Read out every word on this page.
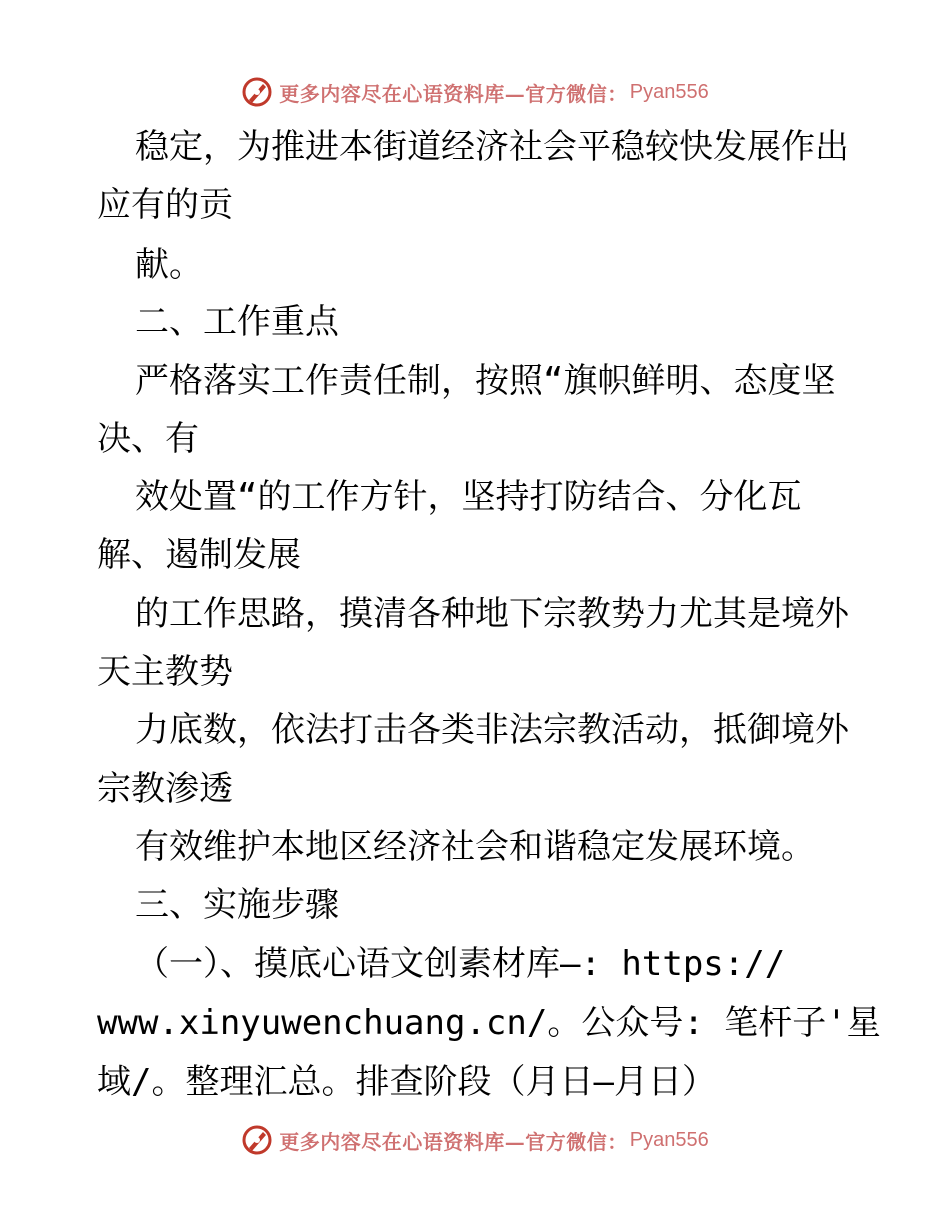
更多内容尽在心语资料库—官方微信： Pyan556
稳定，为推进本街道经济社会平稳较快发展作出
应有的贡
献。
二、工作重点
严格落实工作责任制，按照“旗帜鲜明、态度坚
决、有
效处置“的工作方针，坚持打防结合、分化瓦
解、遏制发展
的工作思路，摸清各种地下宗教势力尤其是境外
天主教势
力底数，依法打击各类非法宗教活动，抵御境外
宗教渗透
有效维护本地区经济社会和谐稳定发展环境。
三、实施步骤
（一）、摸底心语文创素材库—: https://
www.xinyuwenchuang.cn/。公众号: 笔杆子'星
域/。整理汇总。排查阶段（月日—月日）
更多内容尽在心语资料库—官方微信： Pyan556
